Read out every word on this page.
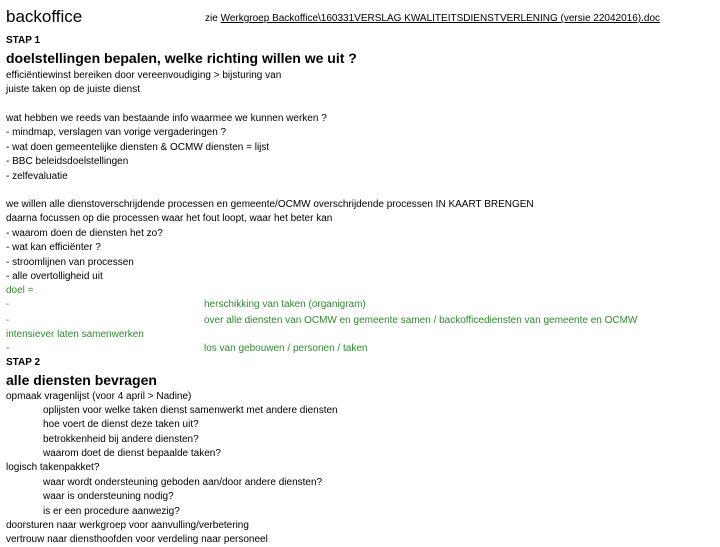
backoffice	zie Werkgroep Backoffice\160331VERSLAG KWALITEITSDIENSTVERLENING (versie 22042016).doc
STAP 1
doelstellingen bepalen, welke richting willen we uit ?
efficiëntiewinst bereiken door vereenvoudiging > bijsturing van
juiste taken op de juiste dienst
wat hebben we reeds van bestaande info waarmee we kunnen werken ?
- mindmap, verslagen van vorige vergaderingen ?
- wat doen gemeentelijke diensten & OCMW diensten = lijst
- BBC beleidsdoelstellingen
- zelfevaluatie
we willen alle dienstoverschrijdende processen en gemeente/OCMW overschrijdende processen IN KAART BRENGEN
daarna focussen op die processen waar het fout loopt, waar het beter kan
- waarom doen de diensten het zo?
- wat kan efficiënter ?
- stroomlijnen van processen
- alle overtolligheid uit
doel =
-	herschikking van taken (organigram)
-	over alle diensten van OCMW en gemeente samen / backofficediensten van gemeente en OCMW
intensiever laten samenwerken
-	los van gebouwen / personen / taken
STAP 2
alle diensten bevragen
opmaak vragenlijst (voor 4 april > Nadine)
oplijsten voor welke taken dienst samenwerkt met andere diensten
hoe voert de dienst deze taken uit?
betrokkenheid bij andere diensten?
waarom doet de dienst bepaalde taken?
logisch takenpakket?
waar wordt ondersteuning geboden aan/door andere diensten?
waar is ondersteuning nodig?
is er een procedure aanwezig?
doorsturen naar werkgroep voor aanvulling/verbetering
vertrouw naar diensthoofden voor verdeling naar personeel
